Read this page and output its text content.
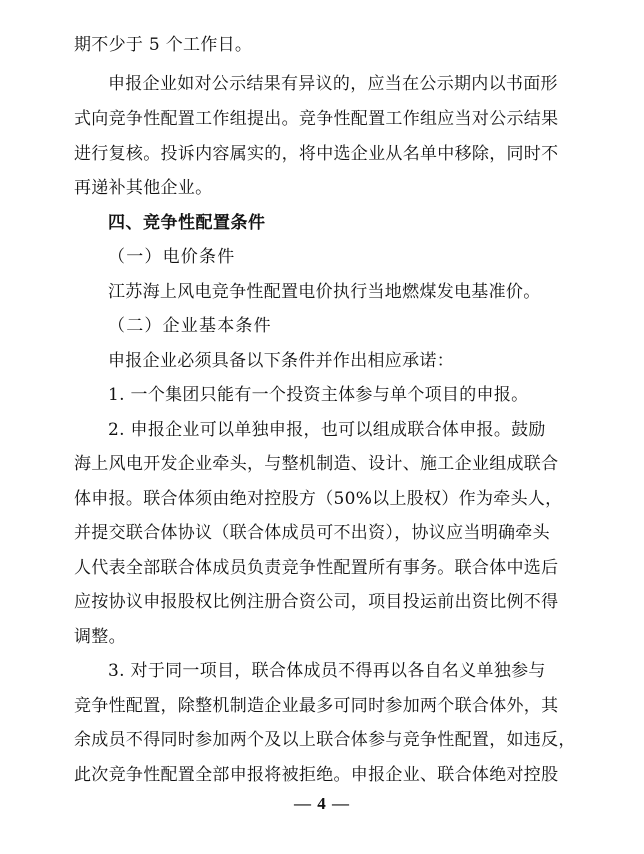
期不少于 5 个工作日。
申报企业如对公示结果有异议的，应当在公示期内以书面形
式向竞争性配置工作组提出。竞争性配置工作组应当对公示结果
进行复核。投诉内容属实的，将中选企业从名单中移除，同时不
再递补其他企业。
四、竞争性配置条件
（一）电价条件
江苏海上风电竞争性配置电价执行当地燃煤发电基准价。
（二）企业基本条件
申报企业必须具备以下条件并作出相应承诺：
1. 一个集团只能有一个投资主体参与单个项目的申报。
2. 申报企业可以单独申报，也可以组成联合体申报。鼓励
海上风电开发企业牵头，与整机制造、设计、施工企业组成联合
体申报。联合体须由绝对控股方（50%以上股权）作为牵头人，
并提交联合体协议（联合体成员可不出资），协议应当明确牵头
人代表全部联合体成员负责竞争性配置所有事务。联合体中选后
应按协议申报股权比例注册合资公司，项目投运前出资比例不得
调整。
3. 对于同一项目，联合体成员不得再以各自名义单独参与
竞争性配置，除整机制造企业最多可同时参加两个联合体外，其
余成员不得同时参加两个及以上联合体参与竞争性配置，如违反，
此次竞争性配置全部申报将被拒绝。申报企业、联合体绝对控股
— 4 —
